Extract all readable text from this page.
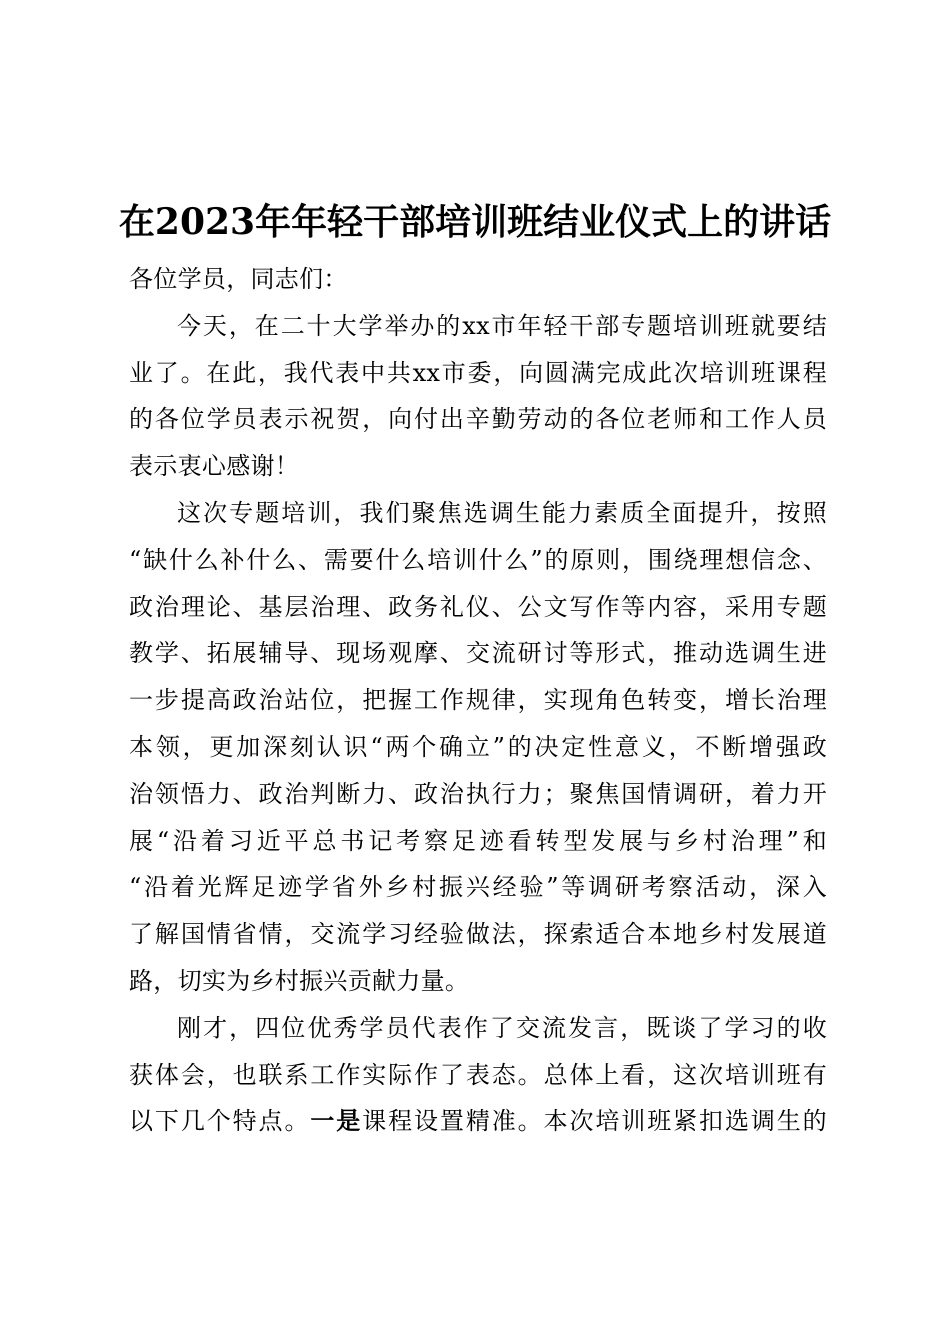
在2023年年轻干部培训班结业仪式上的讲话
各位学员，同志们：
今天，在二十大学举办的xx市年轻干部专题培训班就要结
业了。在此，我代表中共xx市委，向圆满完成此次培训班课程
的各位学员表示祝贺，向付出辛勤劳动的各位老师和工作人员
表示衷心感谢！
这次专题培训，我们聚焦选调生能力素质全面提升，按照
“缺什么补什么、需要什么培训什么”的原则，围绕理想信念、
政治理论、基层治理、政务礼仪、公文写作等内容，采用专题
教学、拓展辅导、现场观摩、交流研讨等形式，推动选调生进
一步提高政治站位，把握工作规律，实现角色转变，增长治理
本领，更加深刻认识“两个确立”的决定性意义，不断增强政
治领悟力、政治判断力、政治执行力；聚焦国情调研，着力开
展“沿着习近平总书记考察足迹看转型发展与乡村治理”和
“沿着光辉足迹学省外乡村振兴经验”等调研考察活动，深入
了解国情省情，交流学习经验做法，探索适合本地乡村发展道
路，切实为乡村振兴贡献力量。
刚才，四位优秀学员代表作了交流发言，既谈了学习的收
获体会，也联系工作实际作了表态。总体上看，这次培训班有
以下几个特点。一是课程设置精准。本次培训班紧扣选调生的
